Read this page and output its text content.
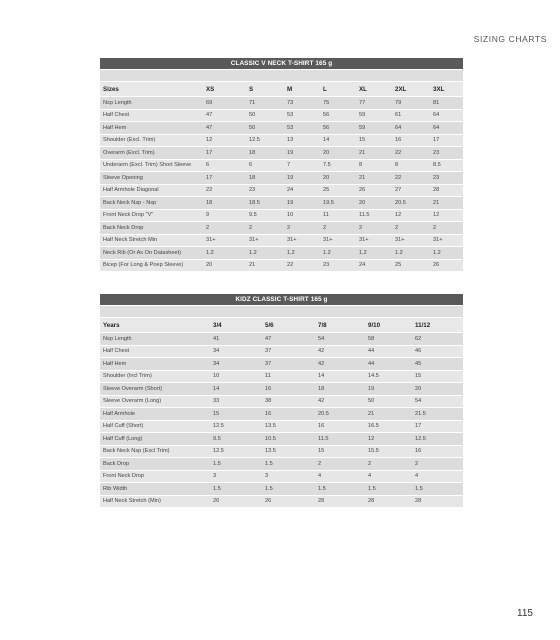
SIZING CHARTS
CLASSIC V NECK T-SHIRT 165 g
Sizes	XS	S	M	L	XL	2XL	3XL
Nsp Length	69	71	73	75	77	79	81
Half Chest	47	50	53	56	59	61	64
Half Hem	47	50	53	56	59	64	64
Shoulder (Excl. Trim)	12	12.5	13	14	15	16	17
Overarm (Excl. Trim)	17	18	19	20	21	22	23
Underarm (Excl. Trim) Short Sleeve	6	6	7	7.5	8	8	8.5
Sleeve Opening	17	18	19	20	21	22	23
Half Armhole Diagonal	22	23	24	25	26	27	28
Back Neck Nsp - Nsp	18	18.5	19	19.5	20	20.5	21
Front Neck Drop "V"	9	9.5	10	11	11.5	12	12
Back Neck Drop	2	2	2	2	2	2	2
Half Neck Stretch Min	31+	31+	31+	31+	31+	31+	31+
Neck Rib (Or As On Datasheet)	1.2	1.2	1.2	1.2	1.2	1.2	1.2
Bicep (For Long & Poep Sleeve)	20	21	22	23	24	25	26
KIDZ CLASSIC T-SHIRT 165 g
Years	3/4	5/6	7/8	9/10	11/12
Nsp Length	41	47	54	58	62
Half Chest	34	37	42	44	46
Half Hem	34	37	42	44	45
Shoulder (Incl Trim)	10	11	14	14.5	15
Sleeve Overarm (Short)	14	16	18	19	20
Sleeve Overarm (Long)	33	38	42	50	54
Half Armhole	15	16	20.5	21	21.5
Half Cuff (Short)	12.5	13.5	16	16.5	17
Half Cuff (Long)	9.5	10.5	11.5	12	12.5
Back Neck Nsp (Excl Trim)	12.5	13.5	15	15.5	16
Back Drop	1.5	1.5	2	2	2
Front Neck Drop	3	3	4	4	4
Rib Width	1.5	1.5	1.5	1.5	1.5
Half Neck Stretch (Min)	26	26	28	28	28
115
